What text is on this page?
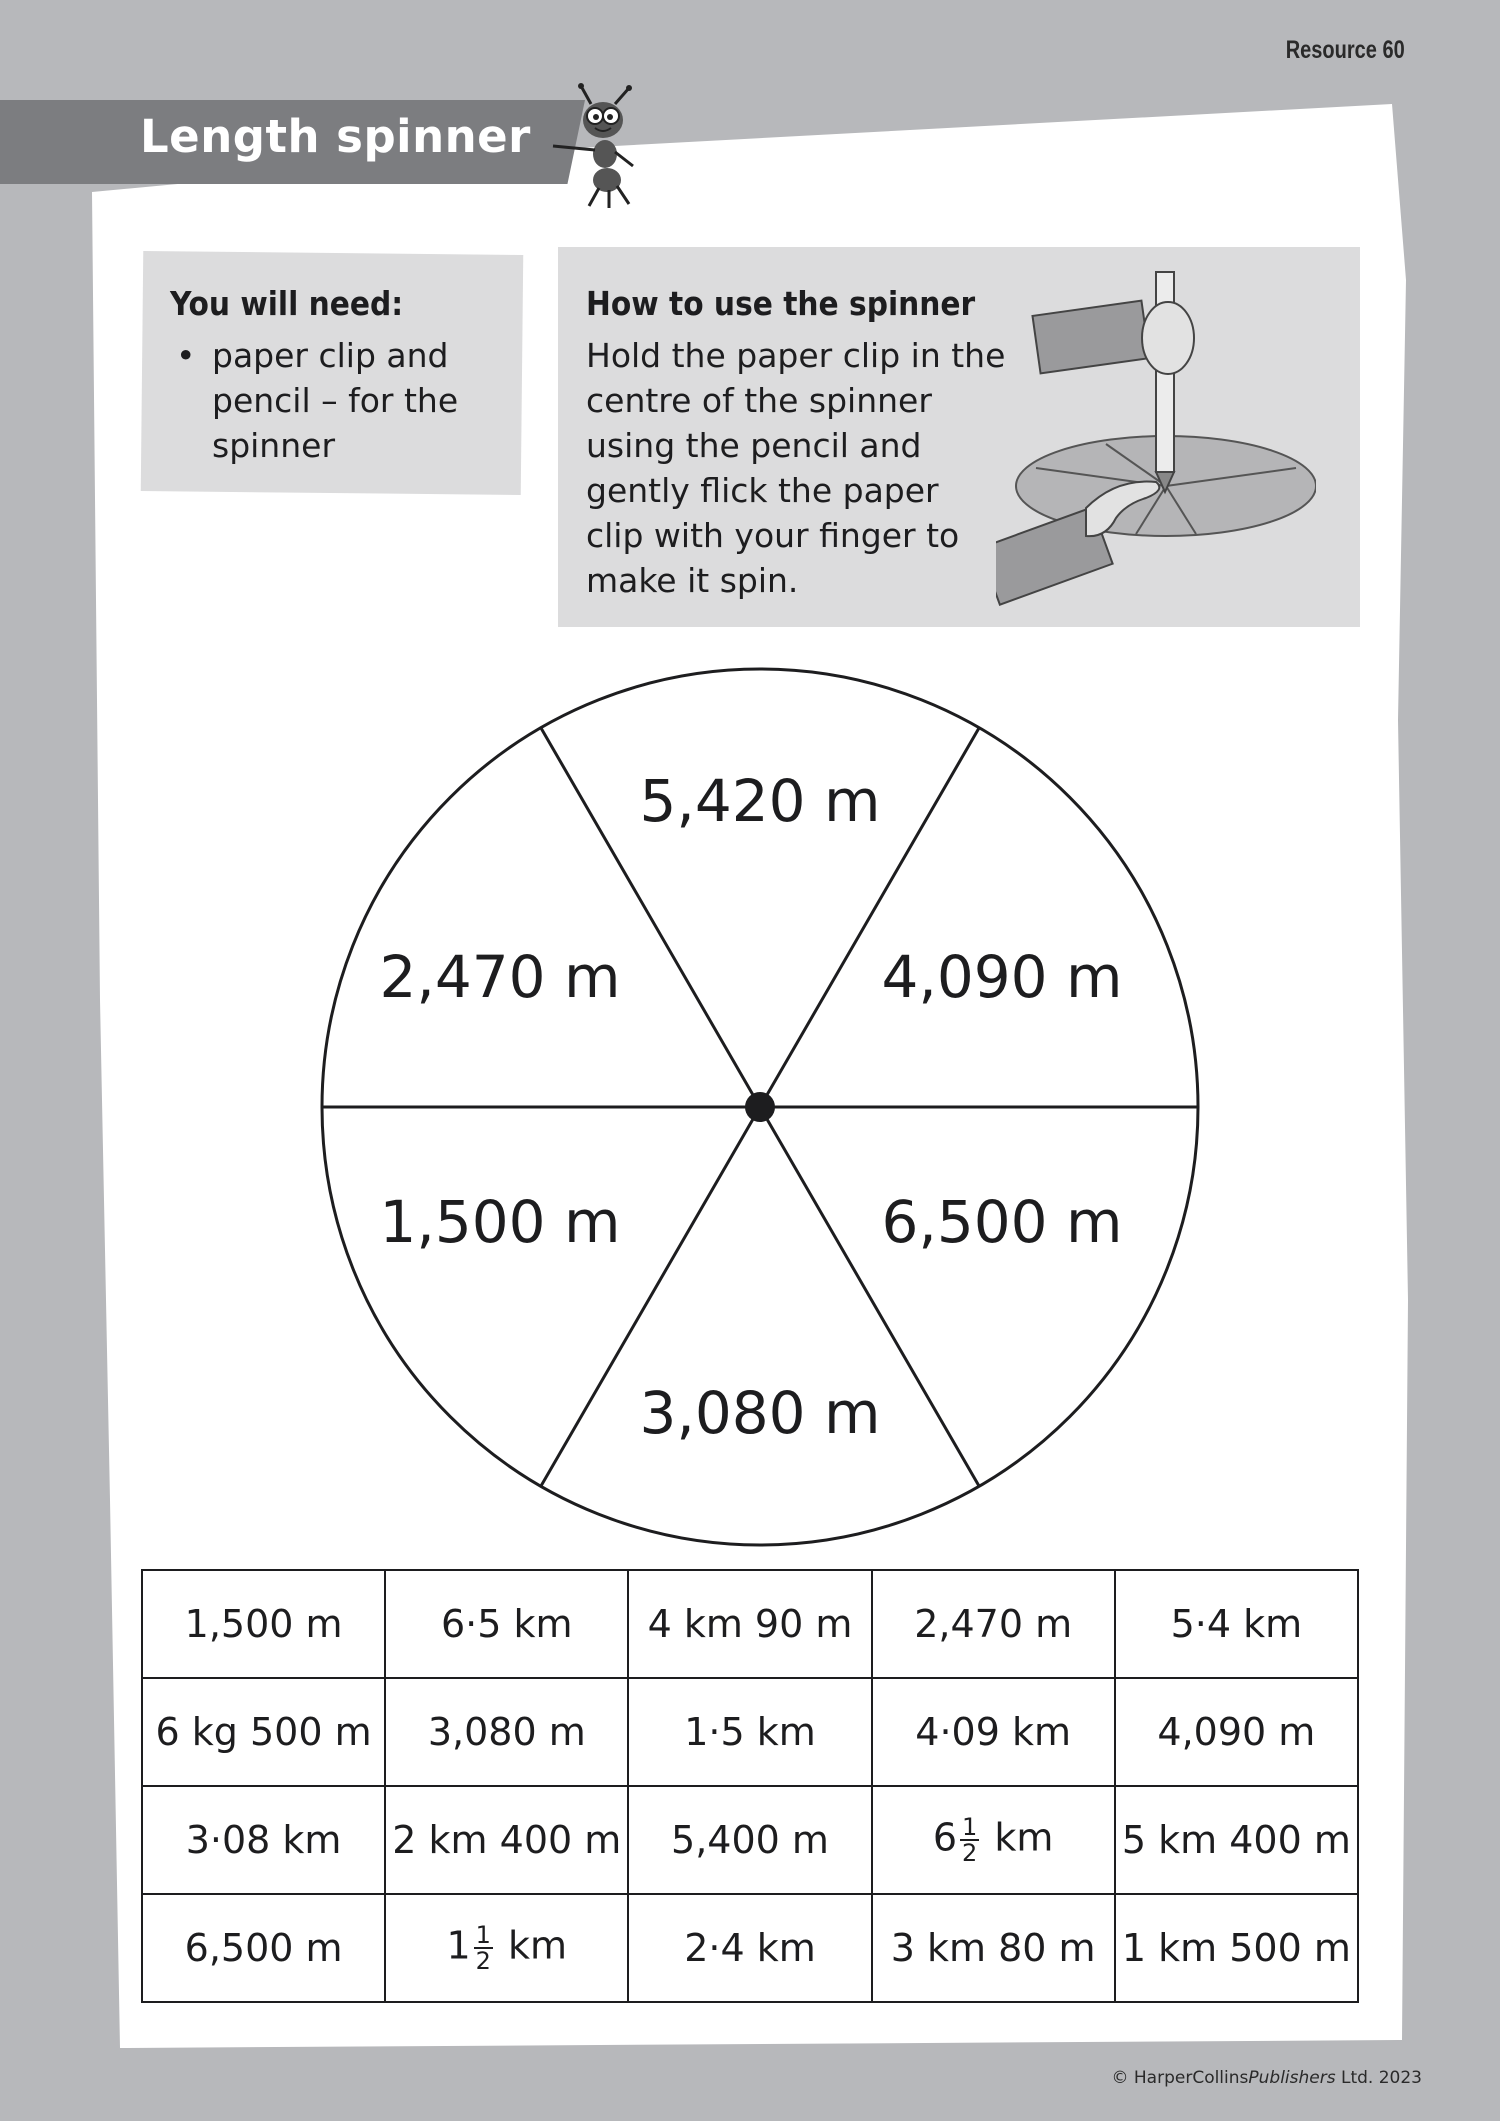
Resource 60
Length spinner
You will need:
• paper clip and pencil – for the spinner
How to use the spinner
Hold the paper clip in the centre of the spinner using the pencil and gently flick the paper clip with your finger to make it spin.
5,420 m
4,090 m
6,500 m
3,080 m
1,500 m
2,470 m
1,500 m	6·5 km	4 km 90 m	2,470 m	5·4 km
6 kg 500 m	3,080 m	1·5 km	4·09 km	4,090 m
3·08 km	2 km 400 m	5,400 m	$6 \frac{1}{2}$ km	5 km 400 m
6,500 m	$1 \frac{1}{2}$ km	2·4 km	3 km 80 m	1 km 500 m
© HarperCollinsPublishers Ltd. 2023
